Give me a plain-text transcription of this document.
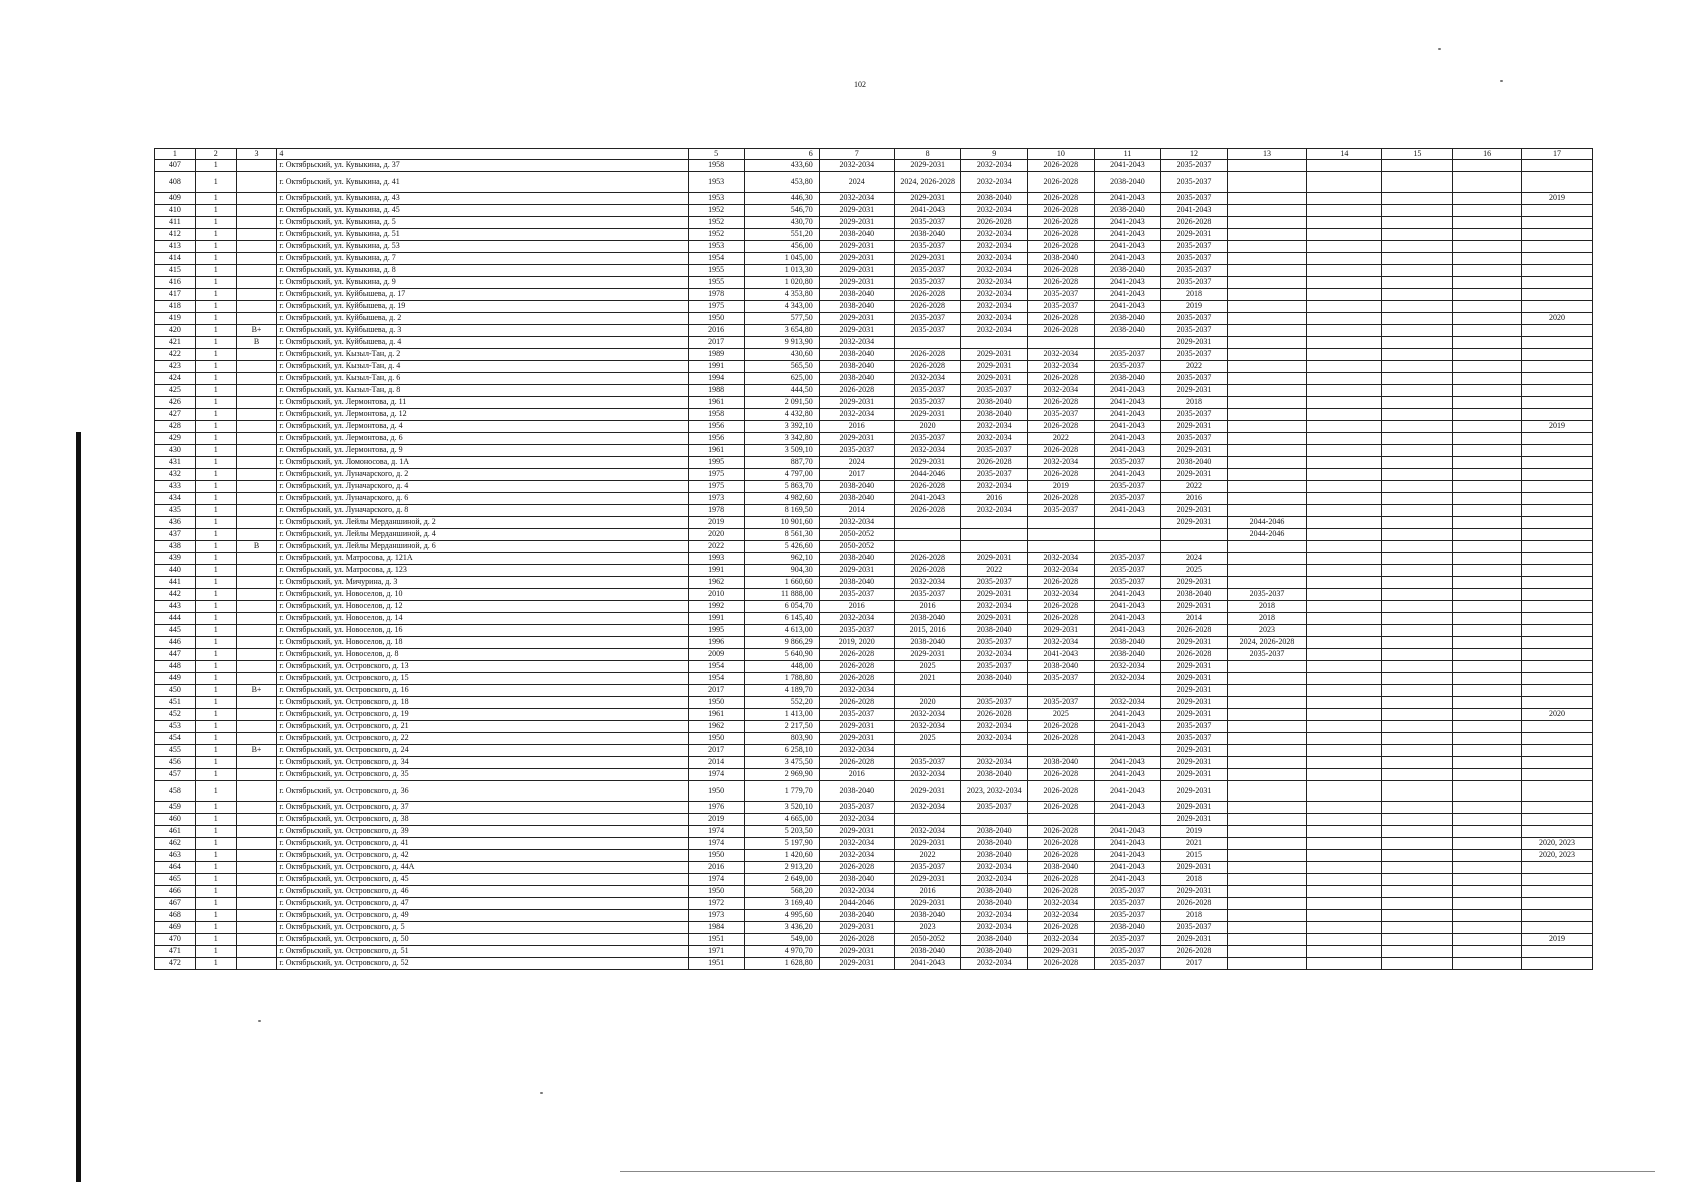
102
1	2	3	4	5	6	7	8	9	10	11	12	13	14	15	16	17
407	1		г. Октябрьский, ул. Кувыкина, д. 37	1958	433,60	2032-2034	2029-2031	2032-2034	2026-2028	2041-2043	2035-2037					
408	1		г. Октябрьский, ул. Кувыкина, д. 41	1953	453,80	2024	2024, 2026-2028	2032-2034	2026-2028	2038-2040	2035-2037					
409	1		г. Октябрьский, ул. Кувыкина, д. 43	1953	446,30	2032-2034	2029-2031	2038-2040	2026-2028	2041-2043	2035-2037					2019
410	1		г. Октябрьский, ул. Кувыкина, д. 45	1952	546,70	2029-2031	2041-2043	2032-2034	2026-2028	2038-2040	2041-2043					
411	1		г. Октябрьский, ул. Кувыкина, д. 5	1952	430,70	2029-2031	2035-2037	2026-2028	2026-2028	2041-2043	2026-2028					
412	1		г. Октябрьский, ул. Кувыкина, д. 51	1952	551,20	2038-2040	2038-2040	2032-2034	2026-2028	2041-2043	2029-2031					
413	1		г. Октябрьский, ул. Кувыкина, д. 53	1953	456,00	2029-2031	2035-2037	2032-2034	2026-2028	2041-2043	2035-2037					
414	1		г. Октябрьский, ул. Кувыкина, д. 7	1954	1 045,00	2029-2031	2029-2031	2032-2034	2038-2040	2041-2043	2035-2037					
415	1		г. Октябрьский, ул. Кувыкина, д. 8	1955	1 013,30	2029-2031	2035-2037	2032-2034	2026-2028	2038-2040	2035-2037					
416	1		г. Октябрьский, ул. Кувыкина, д. 9	1955	1 020,80	2029-2031	2035-2037	2032-2034	2026-2028	2041-2043	2035-2037					
417	1		г. Октябрьский, ул. Куйбышева, д. 17	1978	4 353,80	2038-2040	2026-2028	2032-2034	2035-2037	2041-2043	2018					
418	1		г. Октябрьский, ул. Куйбышева, д. 19	1975	4 343,00	2038-2040	2026-2028	2032-2034	2035-2037	2041-2043	2019					
419	1		г. Октябрьский, ул. Куйбышева, д. 2	1950	577,50	2029-2031	2035-2037	2032-2034	2026-2028	2038-2040	2035-2037					2020
420	1	В+	г. Октябрьский, ул. Куйбышева, д. 3	2016	3 654,80	2029-2031	2035-2037	2032-2034	2026-2028	2038-2040	2035-2037					
421	1	В	г. Октябрьский, ул. Куйбышева, д. 4	2017	9 913,90	2032-2034					2029-2031					
422	1		г. Октябрьский, ул. Кызыл-Тан, д. 2	1989	430,60	2038-2040	2026-2028	2029-2031	2032-2034	2035-2037	2035-2037					
423	1		г. Октябрьский, ул. Кызыл-Тан, д. 4	1991	565,50	2038-2040	2026-2028	2029-2031	2032-2034	2035-2037	2022					
424	1		г. Октябрьский, ул. Кызыл-Тан, д. 6	1994	625,00	2038-2040	2032-2034	2029-2031	2026-2028	2038-2040	2035-2037					
425	1		г. Октябрьский, ул. Кызыл-Тан, д. 8	1988	444,50	2026-2028	2035-2037	2035-2037	2032-2034	2041-2043	2029-2031					
426	1		г. Октябрьский, ул. Лермонтова, д. 11	1961	2 091,50	2029-2031	2035-2037	2038-2040	2026-2028	2041-2043	2018					
427	1		г. Октябрьский, ул. Лермонтова, д. 12	1958	4 432,80	2032-2034	2029-2031	2038-2040	2035-2037	2041-2043	2035-2037					
428	1		г. Октябрьский, ул. Лермонтова, д. 4	1956	3 392,10	2016	2020	2032-2034	2026-2028	2041-2043	2029-2031					2019
429	1		г. Октябрьский, ул. Лермонтова, д. 6	1956	3 342,80	2029-2031	2035-2037	2032-2034	2022	2041-2043	2035-2037					
430	1		г. Октябрьский, ул. Лермонтова, д. 9	1961	3 509,10	2035-2037	2032-2034	2035-2037	2026-2028	2041-2043	2029-2031					
431	1		г. Октябрьский, ул. Ломоносова, д. 1А	1995	887,70	2024	2029-2031	2026-2028	2032-2034	2035-2037	2038-2040					
432	1		г. Октябрьский, ул. Луначарского, д. 2	1975	4 797,00	2017	2044-2046	2035-2037	2026-2028	2041-2043	2029-2031					
433	1		г. Октябрьский, ул. Луначарского, д. 4	1975	5 863,70	2038-2040	2026-2028	2032-2034	2019	2035-2037	2022					
434	1		г. Октябрьский, ул. Луначарского, д. 6	1973	4 982,60	2038-2040	2041-2043	2016	2026-2028	2035-2037	2016					
435	1		г. Октябрьский, ул. Луначарского, д. 8	1978	8 169,50	2014	2026-2028	2032-2034	2035-2037	2041-2043	2029-2031					
436	1		г. Октябрьский, ул. Лейлы Мерданшиной, д. 2	2019	10 901,60	2032-2034					2029-2031	2044-2046				
437	1		г. Октябрьский, ул. Лейлы Мерданшиной, д. 4	2020	8 561,30	2050-2052						2044-2046				
438	1	В	г. Октябрьский, ул. Лейлы Мерданшиной, д. 6	2022	5 426,60	2050-2052										
439	1		г. Октябрьский, ул. Матросова, д. 121А	1993	962,10	2038-2040	2026-2028	2029-2031	2032-2034	2035-2037	2024					
440	1		г. Октябрьский, ул. Матросова, д. 123	1991	904,30	2029-2031	2026-2028	2022	2032-2034	2035-2037	2025					
441	1		г. Октябрьский, ул. Мичурина, д. 3	1962	1 660,60	2038-2040	2032-2034	2035-2037	2026-2028	2035-2037	2029-2031					
442	1		г. Октябрьский, ул. Новоселов, д. 10	2010	11 888,00	2035-2037	2035-2037	2029-2031	2032-2034	2041-2043	2038-2040	2035-2037				
443	1		г. Октябрьский, ул. Новоселов, д. 12	1992	6 054,70	2016	2016	2032-2034	2026-2028	2041-2043	2029-2031	2018				
444	1		г. Октябрьский, ул. Новоселов, д. 14	1991	6 145,40	2032-2034	2038-2040	2029-2031	2026-2028	2041-2043	2014	2018				
445	1		г. Октябрьский, ул. Новоселов, д. 16	1995	4 613,00	2035-2037	2015, 2016	2038-2040	2029-2031	2041-2043	2026-2028	2023				
446	1		г. Октябрьский, ул. Новоселов, д. 18	1996	9 866,29	2019, 2020	2038-2040	2035-2037	2032-2034	2038-2040	2029-2031	2024, 2026-2028				
447	1		г. Октябрьский, ул. Новоселов, д. 8	2009	5 640,90	2026-2028	2029-2031	2032-2034	2041-2043	2038-2040	2026-2028	2035-2037				
448	1		г. Октябрьский, ул. Островского, д. 13	1954	448,00	2026-2028	2025	2035-2037	2038-2040	2032-2034	2029-2031					
449	1		г. Октябрьский, ул. Островского, д. 15	1954	1 788,80	2026-2028	2021	2038-2040	2035-2037	2032-2034	2029-2031					
450	1	В+	г. Октябрьский, ул. Островского, д. 16	2017	4 189,70	2032-2034					2029-2031					
451	1		г. Октябрьский, ул. Островского, д. 18	1950	552,20	2026-2028	2020	2035-2037	2035-2037	2032-2034	2029-2031					
452	1		г. Октябрьский, ул. Островского, д. 19	1961	1 413,00	2035-2037	2032-2034	2026-2028	2025	2041-2043	2029-2031					2020
453	1		г. Октябрьский, ул. Островского, д. 21	1962	2 217,50	2029-2031	2032-2034	2032-2034	2026-2028	2041-2043	2035-2037					
454	1		г. Октябрьский, ул. Островского, д. 22	1950	803,90	2029-2031	2025	2032-2034	2026-2028	2041-2043	2035-2037					
455	1	В+	г. Октябрьский, ул. Островского, д. 24	2017	6 258,10	2032-2034					2029-2031					
456	1		г. Октябрьский, ул. Островского, д. 34	2014	3 475,50	2026-2028	2035-2037	2032-2034	2038-2040	2041-2043	2029-2031					
457	1		г. Октябрьский, ул. Островского, д. 35	1974	2 969,90	2016	2032-2034	2038-2040	2026-2028	2041-2043	2029-2031					
458	1		г. Октябрьский, ул. Островского, д. 36	1950	1 779,70	2038-2040	2029-2031	2023, 2032-2034	2026-2028	2041-2043	2029-2031					
459	1		г. Октябрьский, ул. Островского, д. 37	1976	3 520,10	2035-2037	2032-2034	2035-2037	2026-2028	2041-2043	2029-2031					
460	1		г. Октябрьский, ул. Островского, д. 38	2019	4 665,00	2032-2034					2029-2031					
461	1		г. Октябрьский, ул. Островского, д. 39	1974	5 203,50	2029-2031	2032-2034	2038-2040	2026-2028	2041-2043	2019					
462	1		г. Октябрьский, ул. Островского, д. 41	1974	5 197,90	2032-2034	2029-2031	2038-2040	2026-2028	2041-2043	2021					2020, 2023
463	1		г. Октябрьский, ул. Островского, д. 42	1950	1 420,60	2032-2034	2022	2038-2040	2026-2028	2041-2043	2015					2020, 2023
464	1		г. Октябрьский, ул. Островского, д. 44А	2016	2 913,20	2026-2028	2035-2037	2032-2034	2038-2040	2041-2043	2029-2031					
465	1		г. Октябрьский, ул. Островского, д. 45	1974	2 649,00	2038-2040	2029-2031	2032-2034	2026-2028	2041-2043	2018					
466	1		г. Октябрьский, ул. Островского, д. 46	1950	568,20	2032-2034	2016	2038-2040	2026-2028	2035-2037	2029-2031					
467	1		г. Октябрьский, ул. Островского, д. 47	1972	3 169,40	2044-2046	2029-2031	2038-2040	2032-2034	2035-2037	2026-2028					
468	1		г. Октябрьский, ул. Островского, д. 49	1973	4 995,60	2038-2040	2038-2040	2032-2034	2032-2034	2035-2037	2018					
469	1		г. Октябрьский, ул. Островского, д. 5	1984	3 436,20	2029-2031	2023	2032-2034	2026-2028	2038-2040	2035-2037					
470	1		г. Октябрьский, ул. Островского, д. 50	1951	549,00	2026-2028	2050-2052	2038-2040	2032-2034	2035-2037	2029-2031					2019
471	1		г. Октябрьский, ул. Островского, д. 51	1971	4 970,70	2029-2031	2038-2040	2038-2040	2029-2031	2035-2037	2026-2028					
472	1		г. Октябрьский, ул. Островского, д. 52	1951	1 628,80	2029-2031	2041-2043	2032-2034	2026-2028	2035-2037	2017					
